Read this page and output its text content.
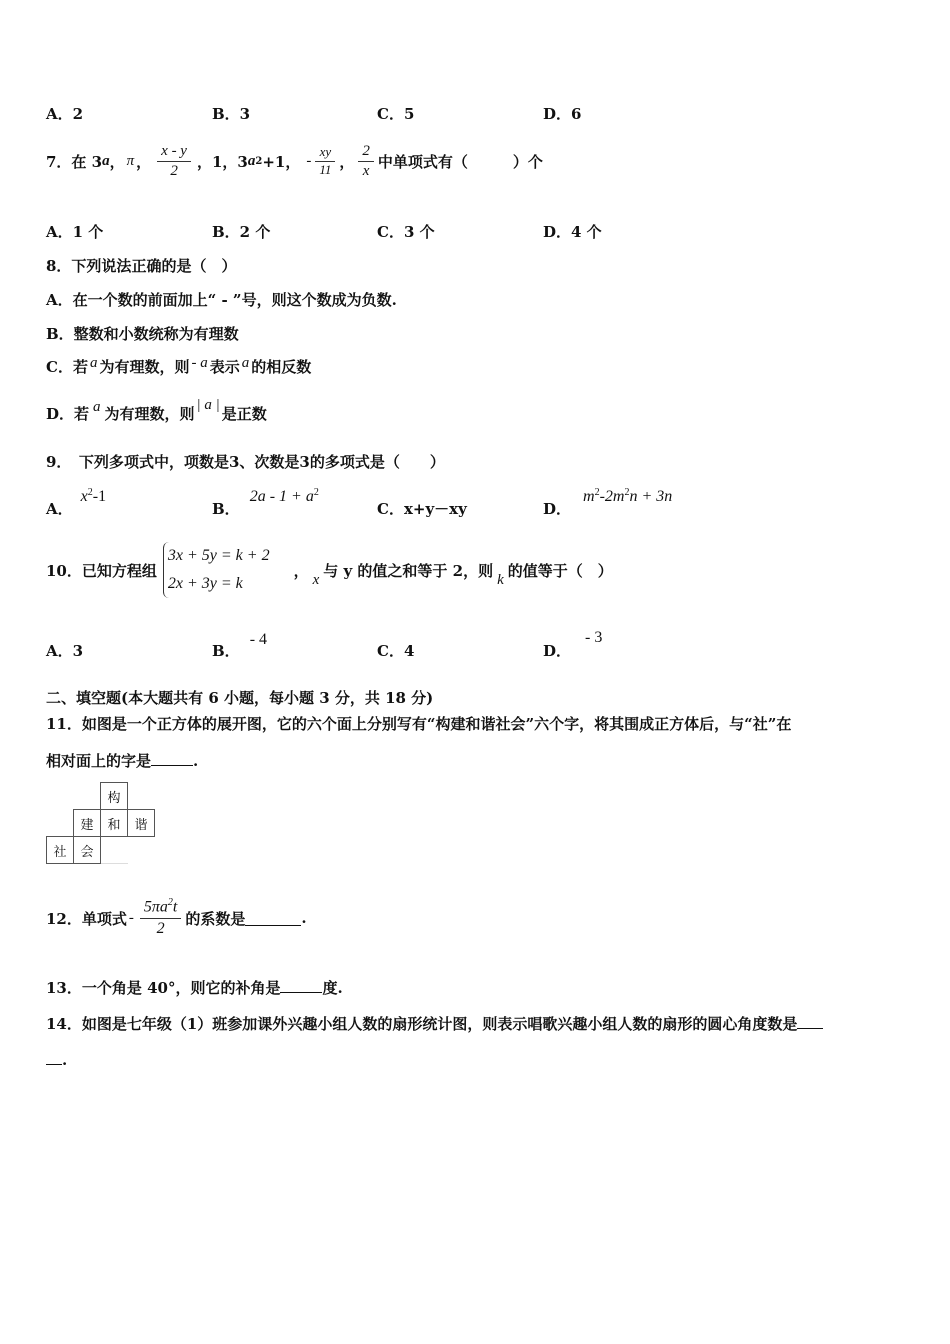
A．2	B．3	C．5	D．6
7．在 3 a ， π ， $\frac{x - y}{2}$ ，1，3 a 2 +1， - $\frac{xy}{11}$ ， $\frac{2}{x}$ 中单项式有（　　　）个
A．1 个	B．2 个	C．3 个	D．4 个
8．下列说法正确的是（　）
A．在一个数的前面加上“ - ”号，则这个数成为负数.
B．整数和小数统称为有理数
C．若 a 为有理数，则 - a 表示 a 的相反数
D．若 a 为有理数，则 | a | 是正数
9．　下列多项式中，项数是3、次数是3的多项式是（　　）
A．$x^2-1$
B．$2a - 1 + a^2$
C．x+y－xy	D．$m^2-2m^2n + 3n$
10．已知方程组
3x + 5y = k + 2
2x + 3y = k
， x 与 y 的值之和等于 2，则 k 的值等于（　）
A．3	B．- 4
C．4	D．- 3
二、填空题(本大题共有 6 小题，每小题 3 分，共 18 分)
11．如图是一个正方体的展开图，它的六个面上分别写有“构建和谐社会”六个字，将其围成正方体后，与“社”在
相对面上的字是	.
		构	
	建	和	谐
社	会		
12．单项式 - $\frac{5\pi a^2t}{2}$ 的系数是	.
13．一个角是 40°，则它的补角是	度.
14．如图是七年级（1）班参加课外兴趣小组人数的扇形统计图，则表示唱歌兴趣小组人数的扇形的圆心角度数是
.
